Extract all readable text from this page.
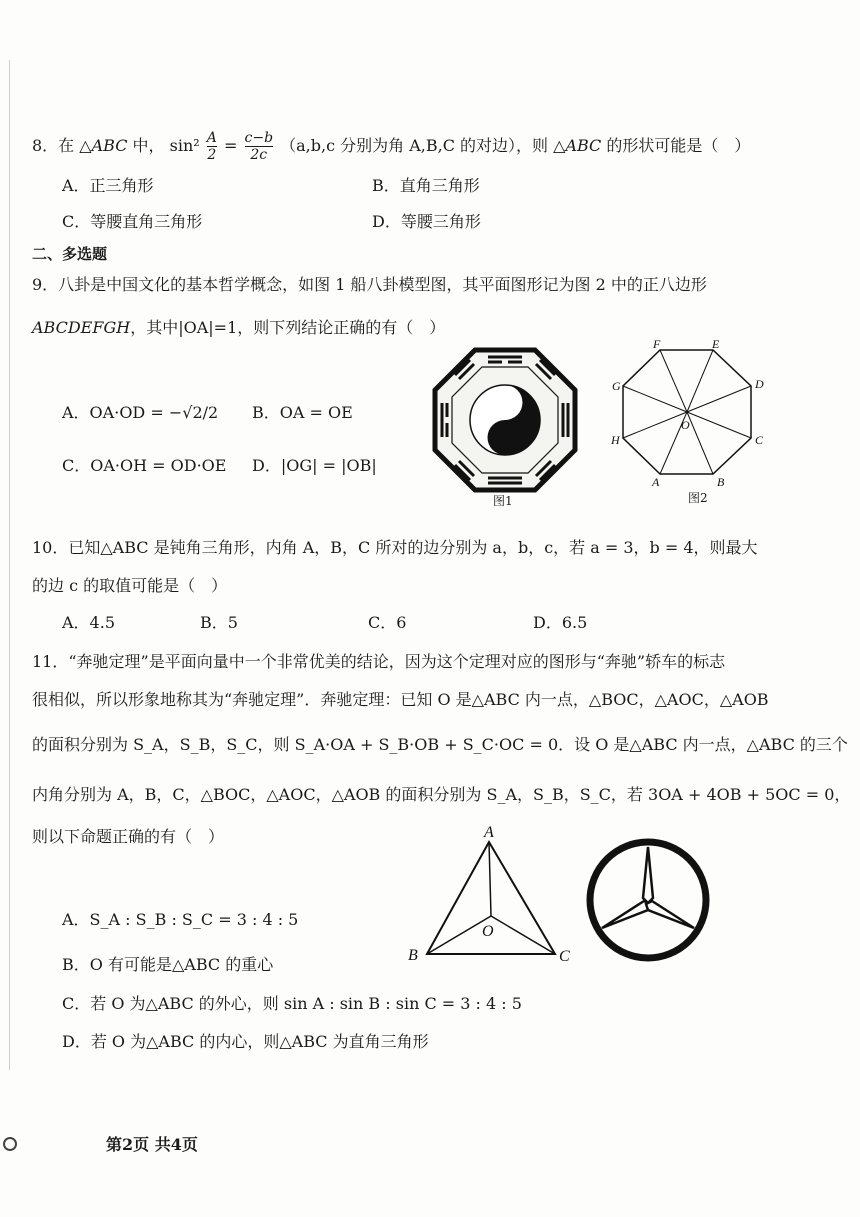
8．在 △ABC 中， $\sin^2 \frac{A}{2} = \frac{c-b}{2c} (a,b,c$ 分别为角 A,B,C 的对边），则 △ABC 的形状可能是（　）
A．正三角形	B．直角三角形
C．等腰直角三角形	D．等腰三角形
二、多选题
9．八卦是中国文化的基本哲学概念，如图 1 船八卦模型图，其平面图形记为图 2 中的正八边形
ABCDEFGH，其中|OA|=1，则下列结论正确的有（　）
A．OA·OD = −√2/2 B．OA = OE
C．OA·OH = OD·OE D．|OG| = |OB|
图1
A	B
C
D
E
F
G
H
O
图2
10．已知△ABC 是钝角三角形，内角 A，B，C 所对的边分别为 a，b，c，若 a = 3，b = 4，则最大
的边 c 的取值可能是（　）
A．4.5	B．5	C．6	D．6.5
11．“奔驰定理”是平面向量中一个非常优美的结论，因为这个定理对应的图形与“奔驰”轿车的标志
很相似，所以形象地称其为“奔驰定理”．奔驰定理：已知 O 是△ABC 内一点，△BOC，△AOC，△AOB
的面积分别为 S_A，S_B，S_C，则 S_A·OA + S_B·OB + S_C·OC = 0．设 O 是△ABC 内一点，△ABC 的三个
内角分别为 A，B，C，△BOC，△AOC，△AOB 的面积分别为 S_A，S_B，S_C，若 3OA + 4OB + 5OC = 0，
则以下命题正确的有（　）
A．S_A : S_B : S_C = 3 : 4 : 5
B．O 有可能是△ABC 的重心
C．若 O 为△ABC 的外心，则 sin A : sin B : sin C = 3 : 4 : 5
D．若 O 为△ABC 的内心，则△ABC 为直角三角形
A
B	C
O
第2页 共4页
